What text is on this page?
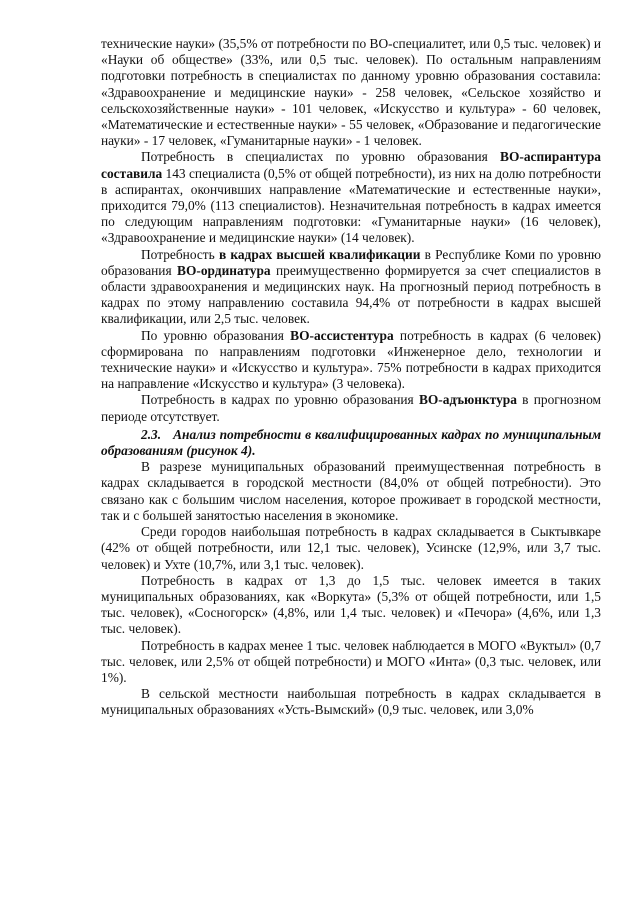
технические науки» (35,5% от потребности по ВО-специалитет, или 0,5 тыс. человек) и «Науки об обществе» (33%, или 0,5 тыс. человек). По остальным направлениям подготовки потребность в специалистах по данному уровню образования составила: «Здравоохранение и медицинские науки» - 258 человек, «Сельское хозяйство и сельскохозяйственные науки» - 101 человек, «Искусство и культура» - 60 человек, «Математические и естественные науки» - 55 человек, «Образование и педагогические науки» - 17 человек, «Гуманитарные науки» - 1 человек.

Потребность в специалистах по уровню образования ВО-аспирантура составила 143 специалиста (0,5% от общей потребности), из них на долю потребности в аспирантах, окончивших направление «Математические и естественные науки», приходится 79,0% (113 специалистов). Незначительная потребность в кадрах имеется по следующим направлениям подготовки: «Гуманитарные науки» (16 человек), «Здравоохранение и медицинские науки» (14 человек).

Потребность в кадрах высшей квалификации в Республике Коми по уровню образования ВО-ординатура преимущественно формируется за счет специалистов в области здравоохранения и медицинских наук. На прогнозный период потребность в кадрах по этому направлению составила 94,4% от потребности в кадрах высшей квалификации, или 2,5 тыс. человек.

По уровню образования ВО-ассистентура потребность в кадрах (6 человек) сформирована по направлениям подготовки «Инженерное дело, технологии и технические науки» и «Искусство и культура». 75% потребности в кадрах приходится на направление «Искусство и культура» (3 человека).

Потребность в кадрах по уровню образования ВО-адъюнктура в прогнозном периоде отсутствует.

2.3. Анализ потребности в квалифицированных кадрах по муниципальным образованиям (рисунок 4).

В разрезе муниципальных образований преимущественная потребность в кадрах складывается в городской местности (84,0% от общей потребности). Это связано как с большим числом населения, которое проживает в городской местности, так и с большей занятостью населения в экономике.

Среди городов наибольшая потребность в кадрах складывается в Сыктывкаре (42% от общей потребности, или 12,1 тыс. человек), Усинске (12,9%, или 3,7 тыс. человек) и Ухте (10,7%, или 3,1 тыс. человек).

Потребность в кадрах от 1,3 до 1,5 тыс. человек имеется в таких муниципальных образованиях, как «Воркута» (5,3% от общей потребности, или 1,5 тыс. человек), «Сосногорск» (4,8%, или 1,4 тыс. человек) и «Печора» (4,6%, или 1,3 тыс. человек).

Потребность в кадрах менее 1 тыс. человек наблюдается в МОГО «Вуктыл» (0,7 тыс. человек, или 2,5% от общей потребности) и МОГО «Инта» (0,3 тыс. человек, или 1%).

В сельской местности наибольшая потребность в кадрах складывается в муниципальных образованиях «Усть-Вымский» (0,9 тыс. человек, или 3,0%
